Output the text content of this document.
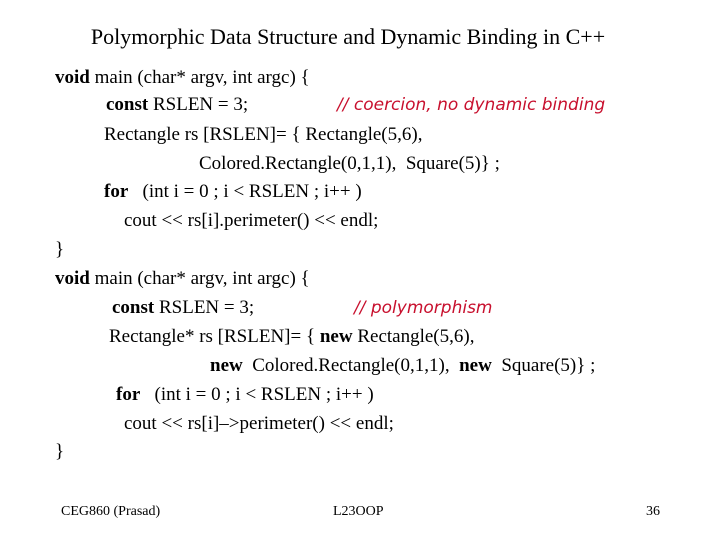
Polymorphic Data Structure and Dynamic Binding in C++
void main (char* argv, int argc) {
const RSLEN = 3;	// coercion, no dynamic binding
Rectangle rs [RSLEN]= { Rectangle(5,6),
Colored.Rectangle(0,1,1),  Square(5)} ;
for   (int i = 0 ; i < RSLEN ; i++ )
cout << rs[i].perimeter() << endl;
}
void main (char* argv, int argc) {
const RSLEN = 3;	// polymorphism
Rectangle* rs [RSLEN]= { new Rectangle(5,6),
new  Colored.Rectangle(0,1,1),  new  Square(5)} ;
for   (int i = 0 ; i < RSLEN ; i++ )
cout << rs[i]–>perimeter() << endl;
}
CEG860 (Prasad)	L23OOP	36
